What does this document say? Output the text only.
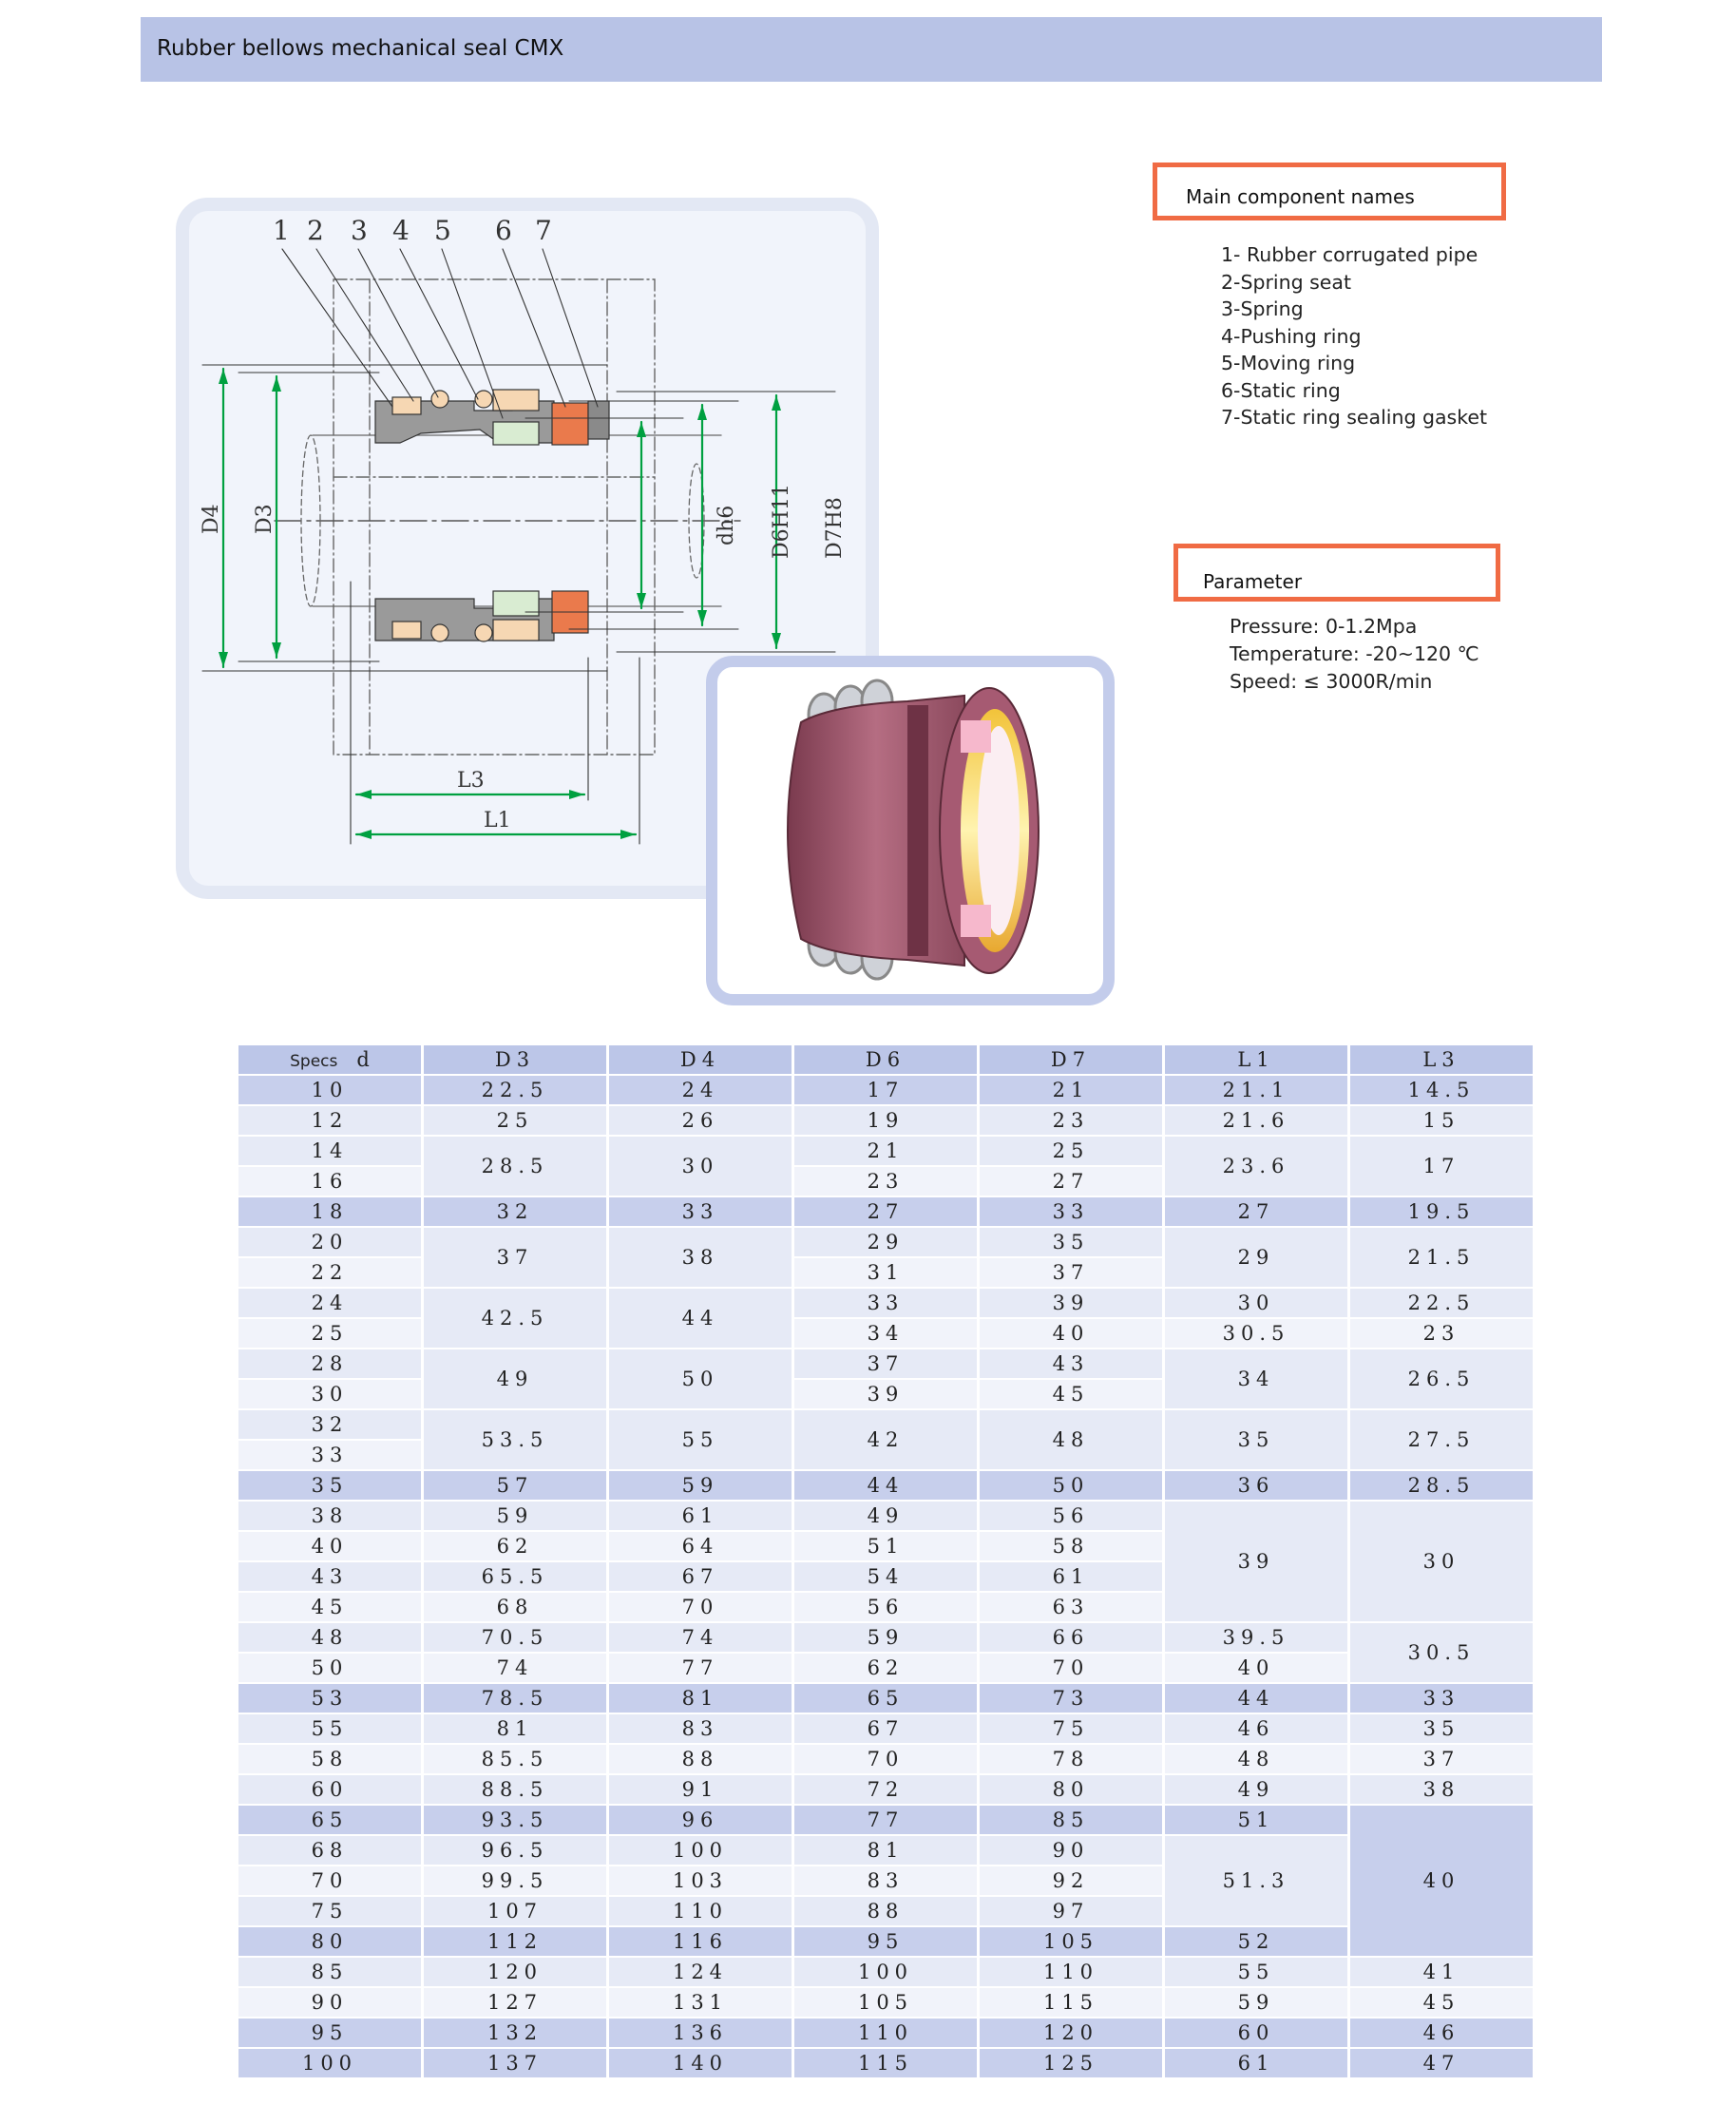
Rubber bellows mechanical seal CMX
1 2 3 4 5 6 7
D4 D3	dh6 D6H11 D7H8
L3
L1
Main component names
1- Rubber corrugated pipe
2-Spring seat
3-Spring
4-Pushing ring
5-Moving ring
6-Static ring
7-Static ring sealing gasket
Parameter
Pressure: 0-1.2Mpa
Temperature: -20~120 ℃
Speed: ≤ 3000R/min
Specs d	D3	D4	D6	D7	L1	L3
10	22.5	24	17	21	21.1	14.5
12	25	26	19	23	21.6	15
14	28.5	30	21	25	23.6	17
16			23	27		
18	32	33	27	33	27	19.5
20	37	38	29	35	29	21.5
22			31	37		
24	42.5	44	33	39	30	22.5
25			34	40	30.5	23
28	49	50	37	43	34	26.5
30			39	45		
32	53.5	55	42	48	35	27.5
33						
35	57	59	44	50	36	28.5
38	59	61	49	56	39	30
40	62	64	51	58		
43	65.5	67	54	61		
45	68	70	56	63		
48	70.5	74	59	66	39.5	30.5
50	74	77	62	70	40	
53	78.5	81	65	73	44	33
55	81	83	67	75	46	35
58	85.5	88	70	78	48	37
60	88.5	91	72	80	49	38
65	93.5	96	77	85	51	40
68	96.5	100	81	90	51.3	
70	99.5	103	83	92		
75	107	110	88	97		
80	112	116	95	105	52	
85	120	124	100	110	55	41
90	127	131	105	115	59	45
95	132	136	110	120	60	46
100	137	140	115	125	61	47
